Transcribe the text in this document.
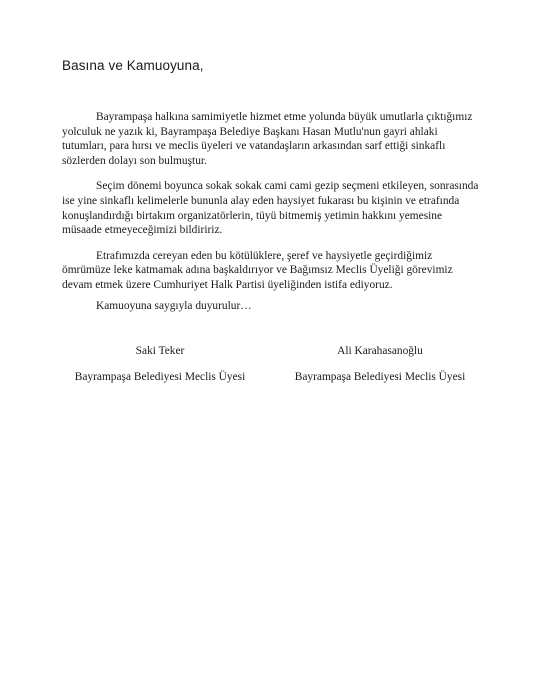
Basına ve Kamuoyuna,

Bayrampaşa halkına samimiyetle hizmet etme yolunda büyük umutlarla çıktığımız yolculuk ne yazık ki, Bayrampaşa Belediye Başkanı Hasan Mutlu'nun gayri ahlaki tutumları, para hırsı ve meclis üyeleri ve vatandaşların arkasından sarf ettiği sinkaflı sözlerden dolayı son bulmuştur.

Seçim dönemi boyunca sokak sokak cami cami gezip seçmeni etkileyen, sonrasında ise yine sinkaflı kelimelerle bununla alay eden haysiyet fukarası bu kişinin ve etrafında konuşlandırdığı birtakım organizatörlerin, tüyü bitmemiş yetimin hakkını yemesine müsaade etmeyeceğimizi bildiririz.

Etrafımızda cereyan eden bu kötülüklere, şeref ve haysiyetle geçirdiğimiz ömrümüze leke katmamak adına başkaldırıyor ve Bağımsız Meclis Üyeliği görevimiz devam etmek üzere Cumhuriyet Halk Partisi üyeliğinden istifa ediyoruz.

Kamuoyuna saygıyla duyurulur…
Saki Teker
Bayrampaşa Belediyesi Meclis Üyesi
Ali Karahasanoğlu
Bayrampaşa Belediyesi Meclis Üyesi
